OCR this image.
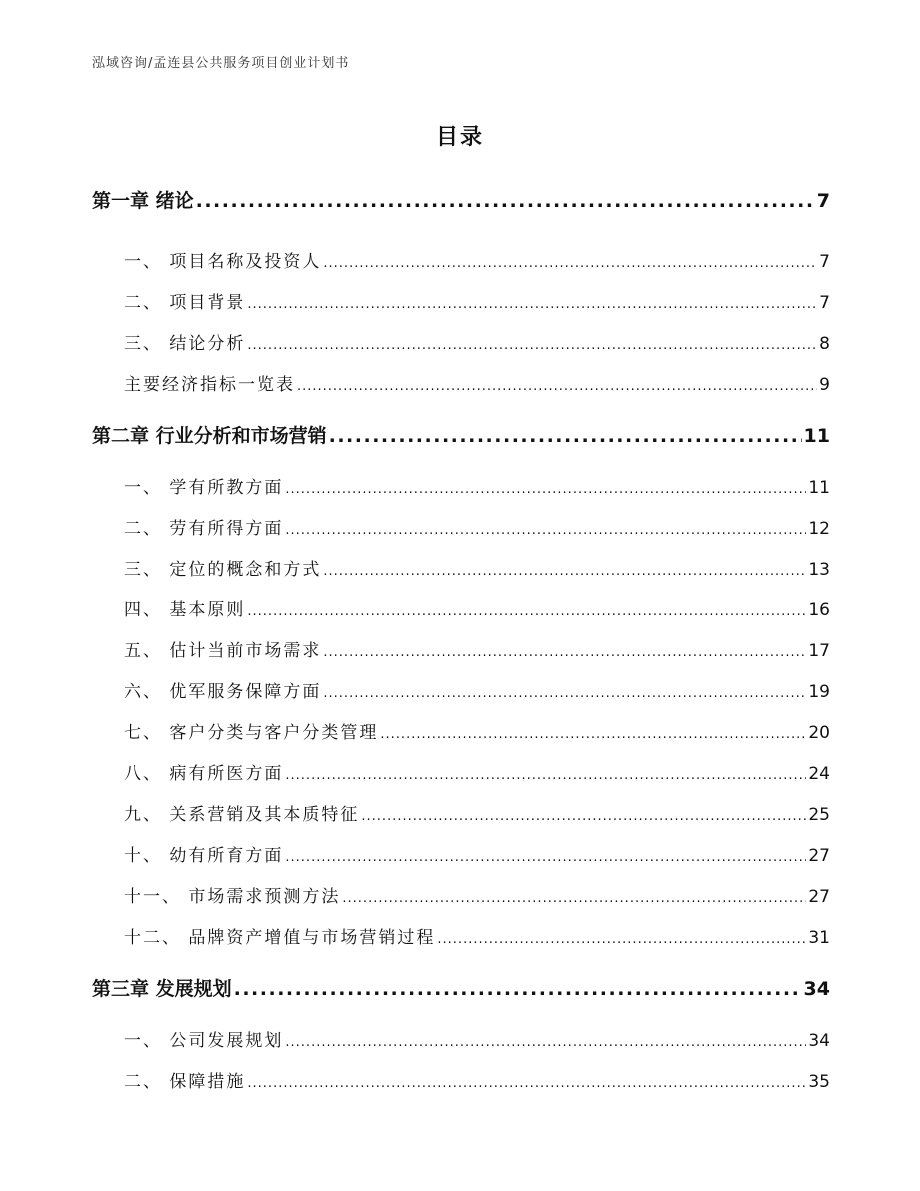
泓域咨询/孟连县公共服务项目创业计划书
目录
第一章 绪论 .....	7
一、 项目名称及投资人 .....	7
二、 项目背景 .....	7
三、 结论分析 .....	8
主要经济指标一览表 .....	9
第二章 行业分析和市场营销 .....	11
一、 学有所教方面 .....	11
二、 劳有所得方面 .....	12
三、 定位的概念和方式 .....	13
四、 基本原则 .....	16
五、 估计当前市场需求 .....	17
六、 优军服务保障方面 .....	19
七、 客户分类与客户分类管理 .....	20
八、 病有所医方面 .....	24
九、 关系营销及其本质特征 .....	25
十、 幼有所育方面 .....	27
十一、 市场需求预测方法 .....	27
十二、 品牌资产增值与市场营销过程 .....	31
第三章 发展规划 .....	34
一、 公司发展规划 .....	34
二、 保障措施 .....	35
